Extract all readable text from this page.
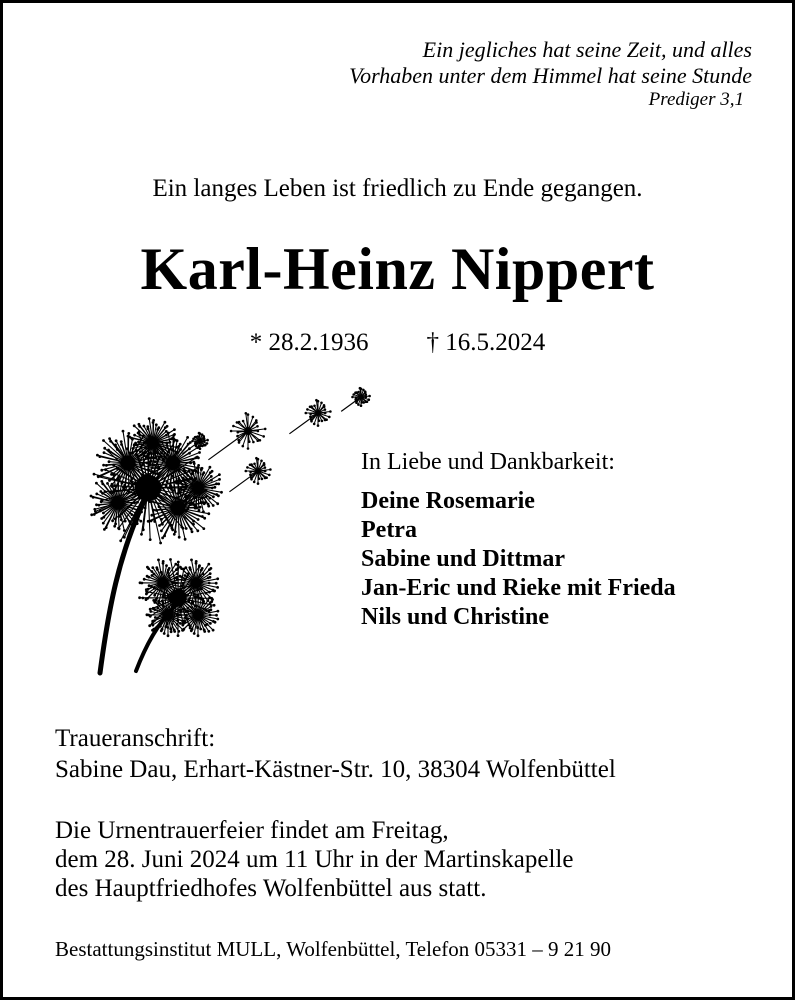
Ein jegliches hat seine Zeit, und alles
Vorhaben unter dem Himmel hat seine Stunde
Prediger 3,1
Ein langes Leben ist friedlich zu Ende gegangen.
Karl-Heinz Nippert
* 28.2.1936 † 16.5.2024
In Liebe und Dankbarkeit:
Deine Rosemarie
Petra
Sabine und Dittmar
Jan-Eric und Rieke mit Frieda
Nils und Christine
Traueranschrift:
Sabine Dau, Erhart-Kästner-Str. 10, 38304 Wolfenbüttel
Die Urnentrauerfeier findet am Freitag,
dem 28. Juni 2024 um 11 Uhr in der Martinskapelle
des Hauptfriedhofes Wolfenbüttel aus statt.
Bestattungsinstitut MULL, Wolfenbüttel, Telefon 05331 – 9 21 90
